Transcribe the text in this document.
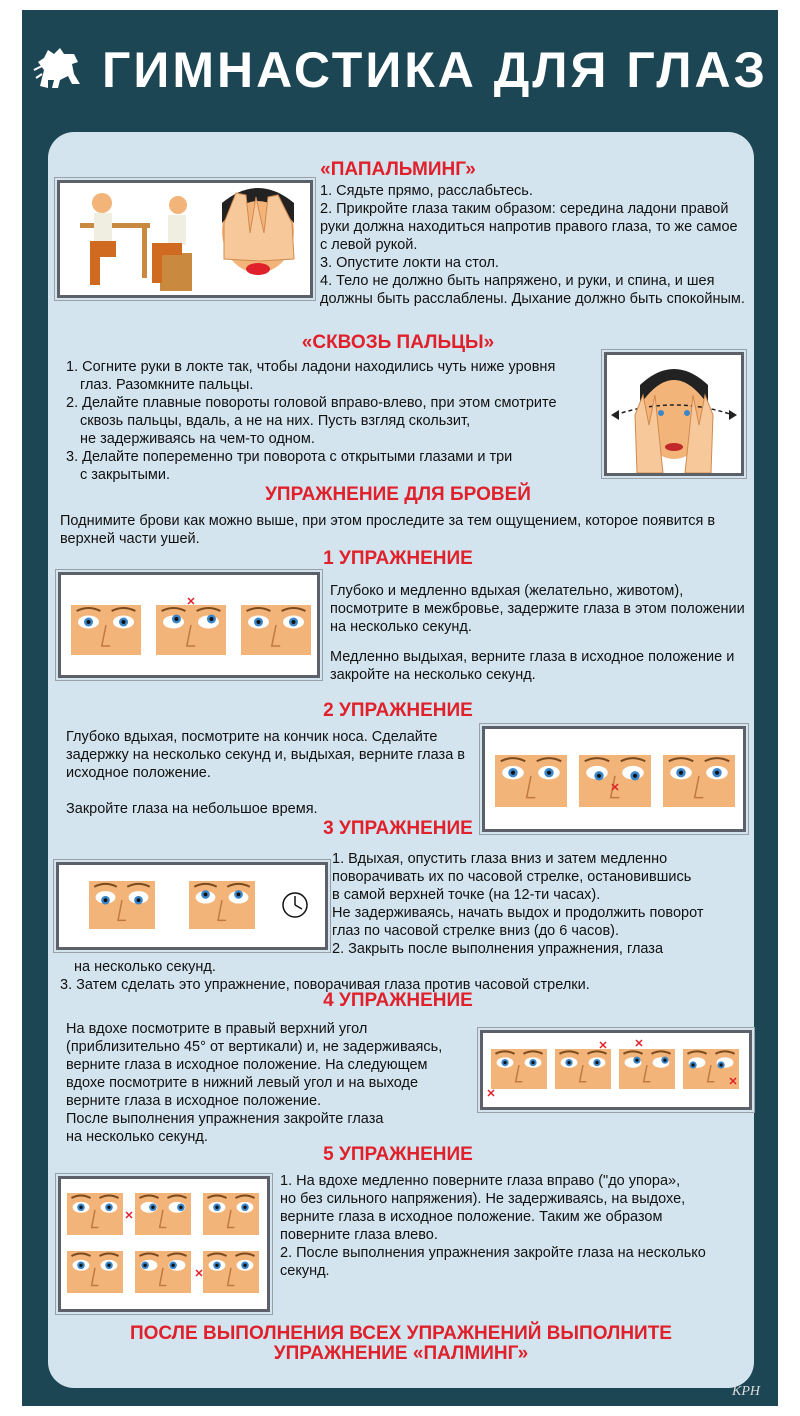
ГИМНАСТИКА ДЛЯ ГЛАЗ
«ПАПАЛЬМИНГ»

1. Сядьте прямо, расслабьтесь.

2. Прикройте глаза таким образом: середина ладони правой руки должна находиться напротив правого глаза, то же самое с левой рукой.

3. Опустите локти на стол.

4. Тело не должно быть напряжено, и руки, и спина, и шея должны быть расслаблены. Дыхание должно быть спокойным.

«СКВОЗЬ ПАЛЬЦЫ»

1. Согните руки в локте так, чтобы ладони находились чуть ниже уровня

глаз. Разомкните пальцы.

2. Делайте плавные повороты головой вправо-влево, при этом смотрите

сквозь пальцы, вдаль, а не на них. Пусть взгляд скользит,

не задерживаясь на чем-то одном.

3. Делайте попеременно три поворота с открытыми глазами и три

с закрытыми.

УПРАЖНЕНИЕ ДЛЯ БРОВЕЙ
Поднимите брови как можно выше, при этом проследите за тем ощущением, которое появится в верхней части ушей.
1 УПРАЖНЕНИЕ

Глубоко и медленно вдыхая (желательно, животом), посмотрите в межбровье, задержите глаза в этом положении на несколько секунд.

Медленно выдыхая, верните глаза в исходное положение и закройте на несколько секунд.

2 УПРАЖНЕНИЕ

Глубоко вдыхая, посмотрите на кончик носа. Сделайте задержку на несколько секунд и, выдыхая, верните глаза в исходное положение.

Закройте глаза на небольшое время.

3 УПРАЖНЕНИЕ

1. Вдыхая, опустить глаза вниз и затем медленно

поворачивать их по часовой стрелке, остановившись

в самой верхней точке (на 12-ти часах).

Не задерживаясь, начать выдох и продолжить поворот

глаз по часовой стрелке вниз (до 6 часов).

2. Закрыть после выполнения упражнения, глаза

на несколько секунд.
3. Затем сделать это упражнение, поворачивая глаза против часовой стрелки.
4 УПРАЖНЕНИЕ

На вдохе посмотрите в правый верхний угол

(приблизительно 45° от вертикали) и, не задерживаясь,

верните глаза в исходное положение. На следующем

вдохе посмотрите в нижний левый угол и на выходе

верните глаза в исходное положение.

После выполнения упражнения закройте глаза

на несколько секунд.

5 УПРАЖНЕНИЕ

1. На вдохе медленно поверните глаза вправо ("до упора»,

но без сильного напряжения). Не задерживаясь, на выдохе,

верните глаза в исходное положение. Таким же образом

поверните глаза влево.

2. После выполнения упражнения закройте глаза на несколько

секунд.

ПОСЛЕ ВЫПОЛНЕНИЯ ВСЕХ УПРАЖНЕНИЙ ВЫПОЛНИТЕ
УПРАЖНЕНИЕ «ПАЛМИНГ»
КРН
